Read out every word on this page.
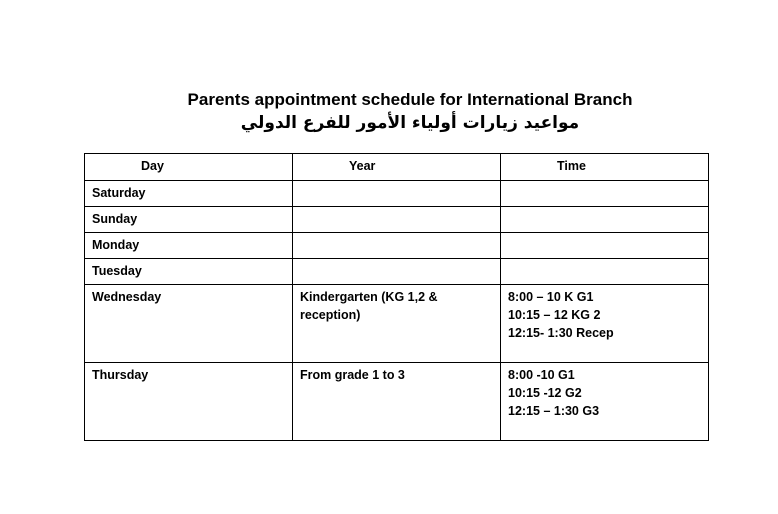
Parents appointment schedule for International Branch
مواعيد زيارات أولياء الأمور للفرع الدولي
Day	Year	Time
Saturday		
Sunday		
Monday		
Tuesday		
Wednesday	Kindergarten (KG 1,2 & reception)	8:00 – 10 K G1
10:15 – 12 KG 2
12:15- 1:30 Recep

Thursday	From grade 1 to 3	8:00 -10 G1
10:15 -12 G2
12:15 – 1:30 G3
